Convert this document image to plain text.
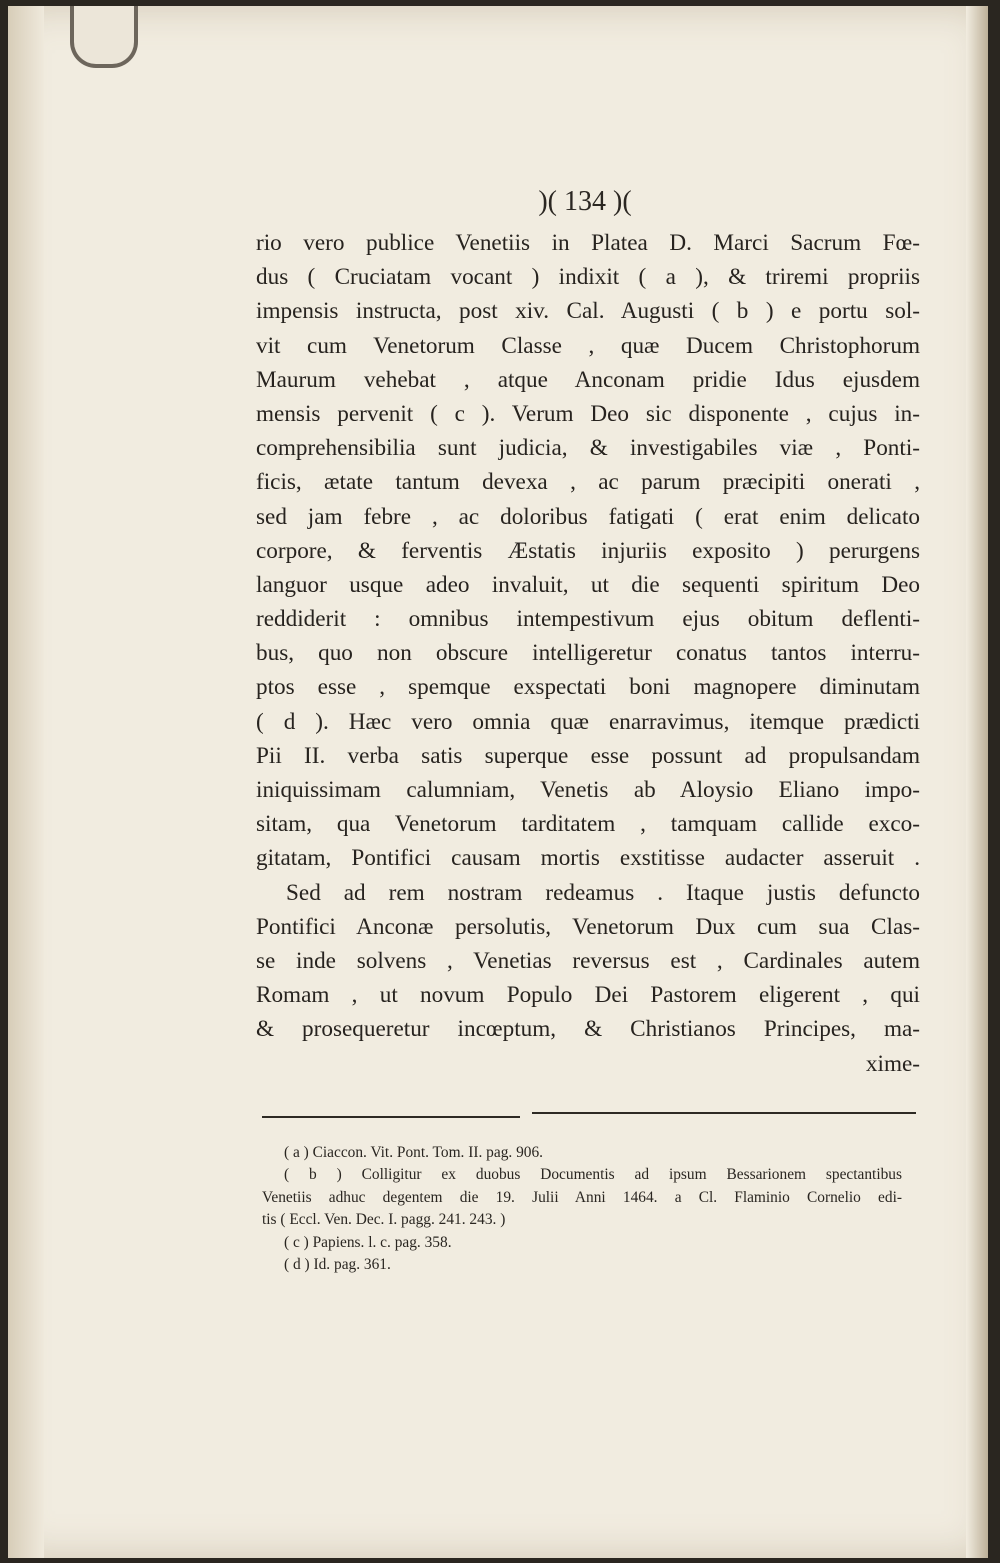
)( 134 )(
rio vero publice Venetiis in Platea D. Marci Sacrum Fœ-
dus ( Cruciatam vocant ) indixit ( a ), & triremi propriis
impensis instructa, post xiv. Cal. Augusti ( b ) e portu sol-
vit cum Venetorum Classe , quæ Ducem Christophorum
Maurum vehebat , atque Anconam pridie Idus ejusdem
mensis pervenit ( c ). Verum Deo sic disponente , cujus in-
comprehensibilia sunt judicia, & investigabiles viæ , Ponti-
ficis, ætate tantum devexa , ac parum præcipiti onerati ,
sed jam febre , ac doloribus fatigati ( erat enim delicato
corpore, & ferventis Æstatis injuriis exposito ) perurgens
languor usque adeo invaluit, ut die sequenti spiritum Deo
reddiderit : omnibus intempestivum ejus obitum deflenti-
bus, quo non obscure intelligeretur conatus tantos interru-
ptos esse , spemque exspectati boni magnopere diminutam
( d ). Hæc vero omnia quæ enarravimus, itemque prædicti
Pii II. verba satis superque esse possunt ad propulsandam
iniquissimam calumniam, Venetis ab Aloysio Eliano impo-
sitam, qua Venetorum tarditatem , tamquam callide exco-
gitatam, Pontifici causam mortis exstitisse audacter asseruit .
Sed ad rem nostram redeamus . Itaque justis defuncto
Pontifici Anconæ persolutis, Venetorum Dux cum sua Clas-
se inde solvens , Venetias reversus est , Cardinales autem
Romam , ut novum Populo Dei Pastorem eligerent , qui
& prosequeretur incœptum, & Christianos Principes, ma-
xime-
( a ) Ciaccon. Vit. Pont. Tom. II. pag. 906.
( b ) Colligitur ex duobus Documentis ad ipsum Bessarionem spectantibus
Venetiis adhuc degentem die 19. Julii Anni 1464. a Cl. Flaminio Cornelio edi-
tis ( Eccl. Ven. Dec. I. pagg. 241. 243. )
( c ) Papiens. l. c. pag. 358.
( d ) Id. pag. 361.
